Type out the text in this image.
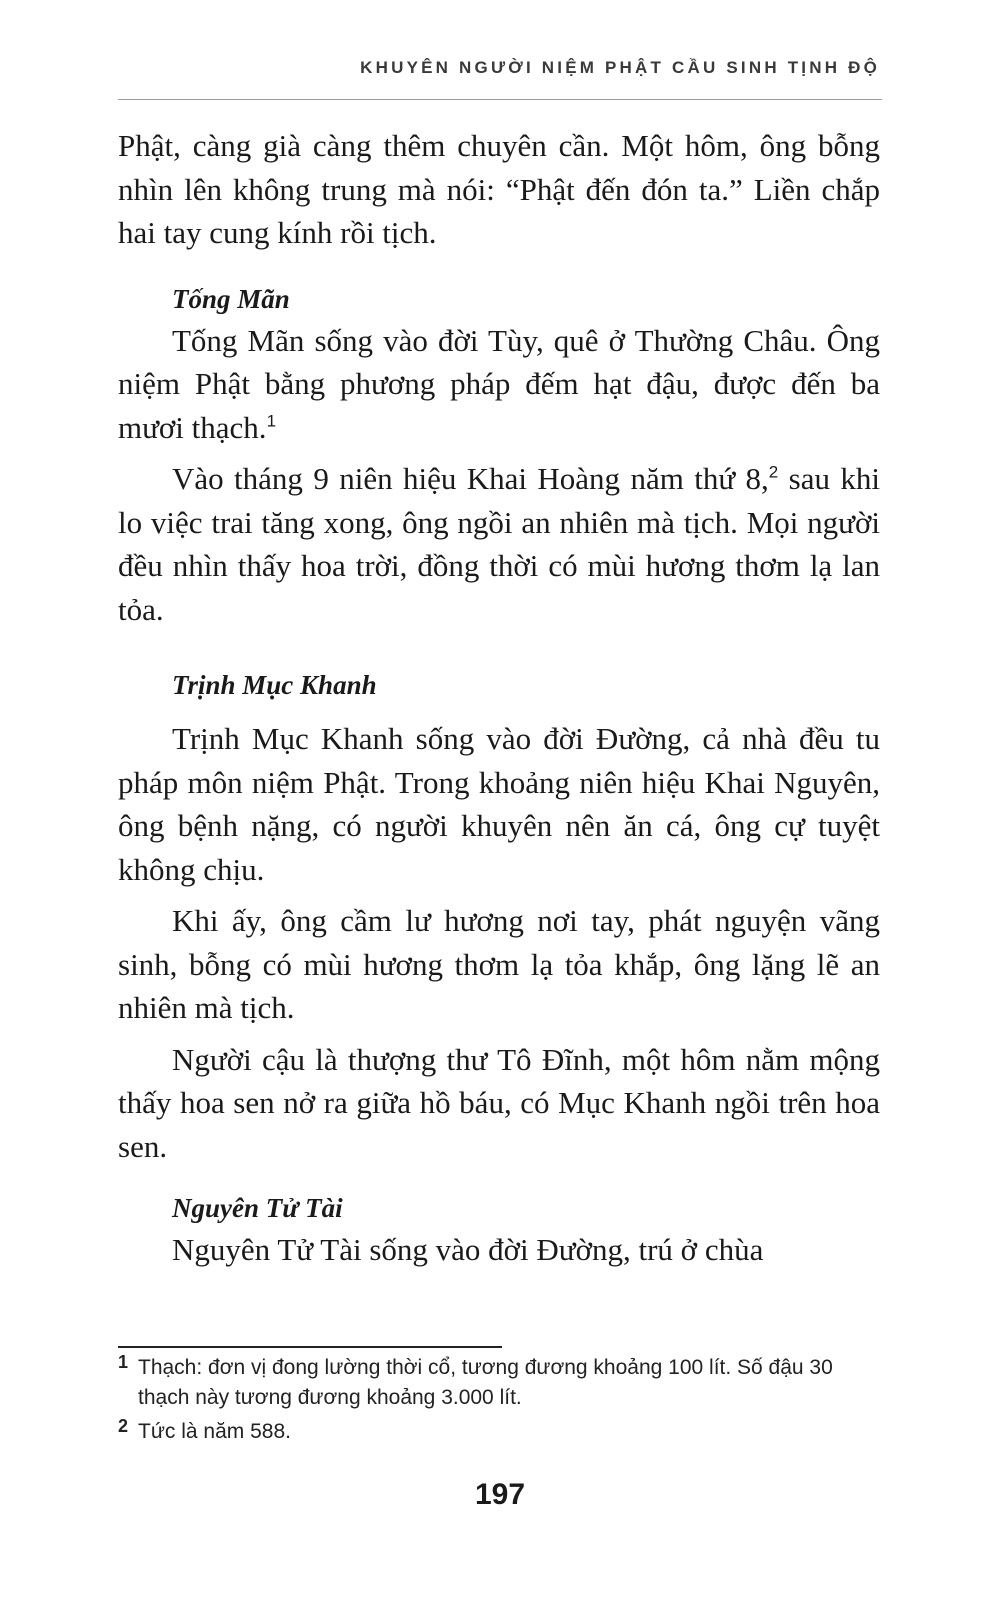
KHUYÊN NGƯỜI NIỆM PHẬT CẦU SINH TỊNH ĐỘ

Phật, càng già càng thêm chuyên cần. Một hôm, ông bỗng nhìn lên không trung mà nói: “Phật đến đón ta.” Liền chắp hai tay cung kính rồi tịch.

Tống Mãn

Tống Mãn sống vào đời Tùy, quê ở Thường Châu. Ông niệm Phật bằng phương pháp đếm hạt đậu, được đến ba mươi thạch.$^1$

Vào tháng 9 niên hiệu Khai Hoàng năm thứ 8,$^2$ sau khi lo việc trai tăng xong, ông ngồi an nhiên mà tịch. Mọi người đều nhìn thấy hoa trời, đồng thời có mùi hương thơm lạ lan tỏa.

Trịnh Mục Khanh

Trịnh Mục Khanh sống vào đời Đường, cả nhà đều tu pháp môn niệm Phật. Trong khoảng niên hiệu Khai Nguyên, ông bệnh nặng, có người khuyên nên ăn cá, ông cự tuyệt không chịu.

Khi ấy, ông cầm lư hương nơi tay, phát nguyện vãng sinh, bỗng có mùi hương thơm lạ tỏa khắp, ông lặng lẽ an nhiên mà tịch.

Người cậu là thượng thư Tô Đĩnh, một hôm nằm mộng thấy hoa sen nở ra giữa hồ báu, có Mục Khanh ngồi trên hoa sen.

Nguyên Tử Tài

Nguyên Tử Tài sống vào đời Đường, trú ở chùa

1 Thạch: đơn vị đong lường thời cổ, tương đương khoảng 100 lít. Số đậu 30 thạch này tương đương khoảng 3.000 lít.

2 Tức là năm 588.

197
